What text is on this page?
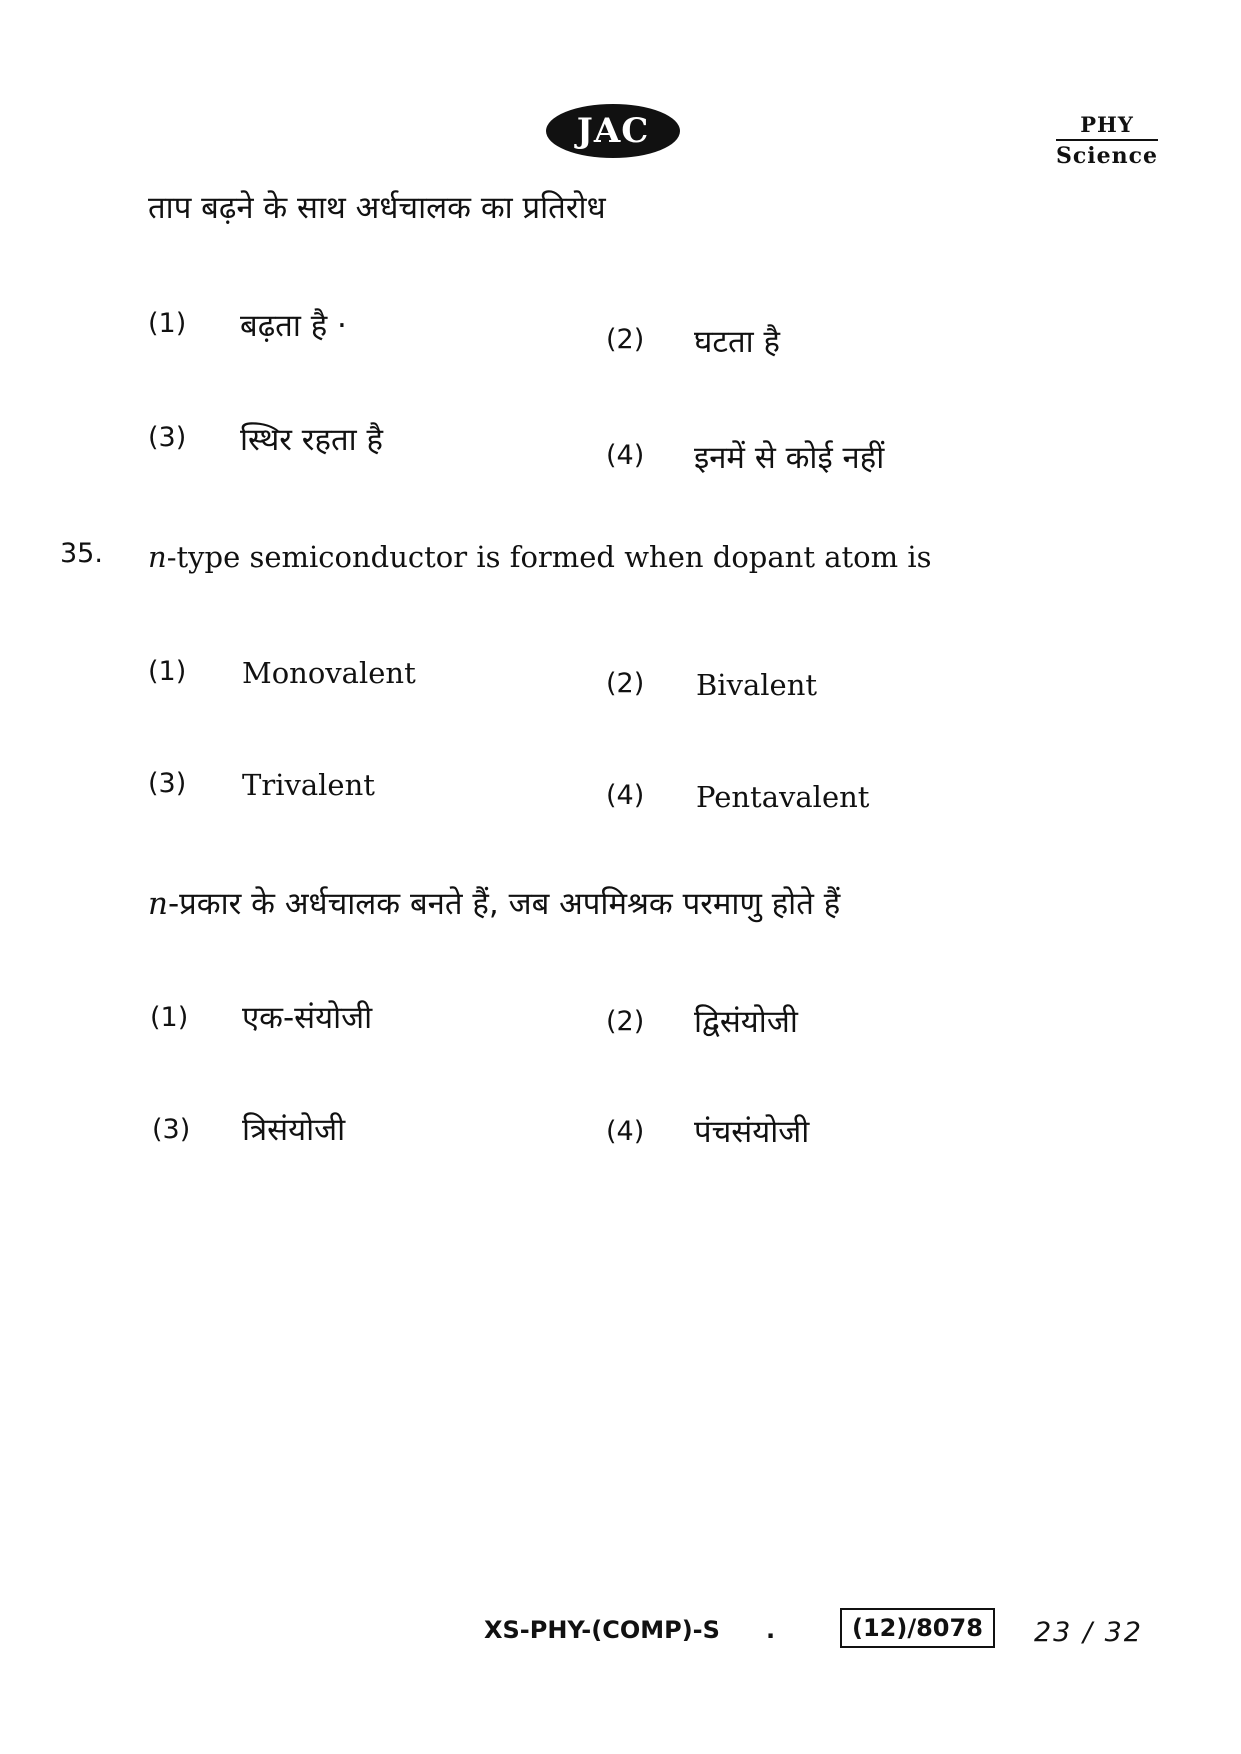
JAC	PHY
Science
ताप बढ़ने के साथ अर्धचालक का प्रतिरोध
(1) बढ़ता है ·	(2) घटता है
(3) स्थिर रहता है	(4) इनमें से कोई नहीं
35. n-type semiconductor is formed when dopant atom is
(1) Monovalent	(2) Bivalent
(3) Trivalent	(4) Pentavalent
n-प्रकार के अर्धचालक बनते हैं, जब अपमिश्रक परमाणु होते हैं
(1) एक-संयोजी	(2) द्विसंयोजी
(3) त्रिसंयोजी	(4) पंचसंयोजी
XS-PHY-(COMP)-S .	(12)/8078	23 / 32
